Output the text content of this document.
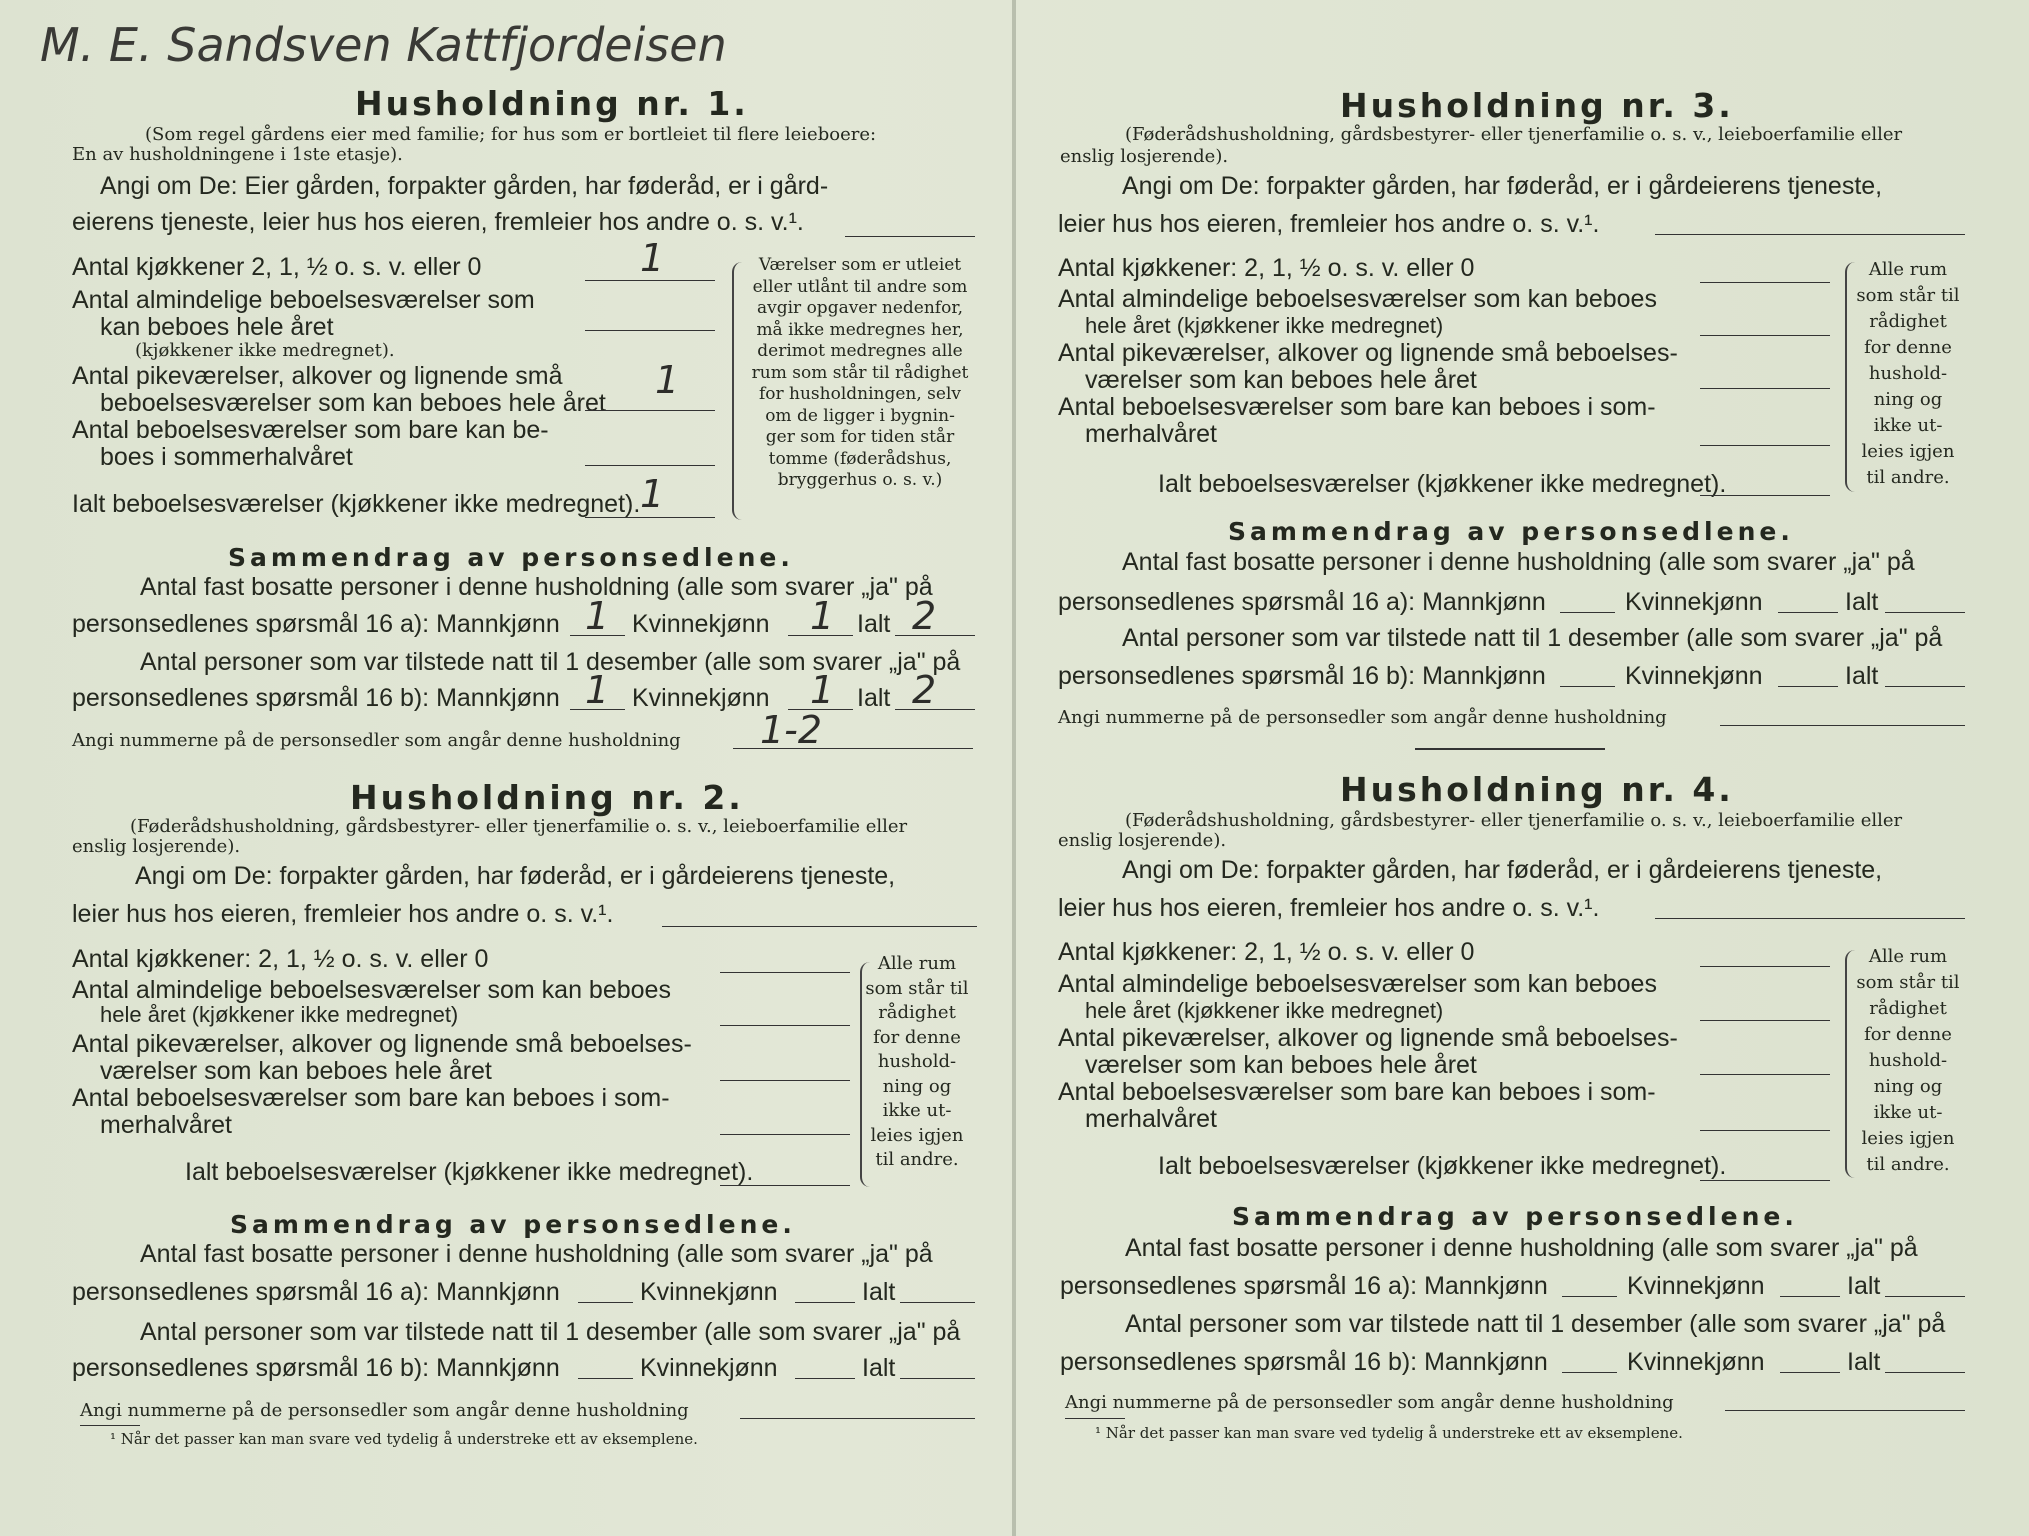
M. E. Sandsven Kattfjordeisen
Husholdning nr. 1.
(Som regel gårdens eier med familie; for hus som er bortleiet til flere leieboere:
En av husholdningene i 1ste etasje).
Angi om De: Eier gården, forpakter gården, har føderåd, er i gård-
eierens tjeneste, leier hus hos eieren, fremleier hos andre o. s. v.¹.
Antal kjøkkener 2, 1, ½ o. s. v. eller 0	1
Antal almindelige beboelsesværelser som
kan beboes hele året
(kjøkkener ikke medregnet).
Antal pikeværelser, alkover og lignende små
beboelsesværelser som kan beboes hele året
1
Antal beboelsesværelser som bare kan be-
boes i sommerhalvåret
Ialt beboelsesværelser (kjøkkener ikke medregnet). 1
Værelser som er utleiet
eller utlånt til andre som
avgir opgaver nedenfor,
må ikke medregnes her,
derimot medregnes alle
rum som står til rådighet
for husholdningen, selv
om de ligger i bygnin-
ger som for tiden står
tomme (føderådshus,
bryggerhus o. s. v.)
Sammendrag av personsedlene.
Antal fast bosatte personer i denne husholdning (alle som svarer „ja" på
personsedlenes spørsmål 16 a): Mannkjønn 1 Kvinnekjønn 1 Ialt 2
Antal personer som var tilstede natt til 1 desember (alle som svarer „ja" på
personsedlenes spørsmål 16 b): Mannkjønn 1 Kvinnekjønn 1 Ialt 2
Angi nummerne på de personsedler som angår denne husholdning 1-2
Husholdning nr. 2.
(Føderådshusholdning, gårdsbestyrer- eller tjenerfamilie o. s. v., leieboerfamilie eller
enslig losjerende).
Angi om De: forpakter gården, har føderåd, er i gårdeierens tjeneste,
leier hus hos eieren, fremleier hos andre o. s. v.¹.
Antal kjøkkener: 2, 1, ½ o. s. v. eller 0
Antal almindelige beboelsesværelser som kan beboes
hele året (kjøkkener ikke medregnet)
Antal pikeværelser, alkover og lignende små beboelses-
værelser som kan beboes hele året
Antal beboelsesværelser som bare kan beboes i som-
merhalvåret
Ialt beboelsesværelser (kjøkkener ikke medregnet).
Alle rum
som står til
rådighet
for denne
hushold-
ning og
ikke ut-
leies igjen
til andre.
Sammendrag av personsedlene.
Antal fast bosatte personer i denne husholdning (alle som svarer „ja" på
personsedlenes spørsmål 16 a): Mannkjønn	Kvinnekjønn	Ialt
Antal personer som var tilstede natt til 1 desember (alle som svarer „ja" på
personsedlenes spørsmål 16 b): Mannkjønn	Kvinnekjønn	Ialt
Angi nummerne på de personsedler som angår denne husholdning
¹ Når det passer kan man svare ved tydelig å understreke ett av eksemplene.
Husholdning nr. 3.
(Føderådshusholdning, gårdsbestyrer- eller tjenerfamilie o. s. v., leieboerfamilie eller
enslig losjerende).
Angi om De: forpakter gården, har føderåd, er i gårdeierens tjeneste,
leier hus hos eieren, fremleier hos andre o. s. v.¹.
Antal kjøkkener: 2, 1, ½ o. s. v. eller 0
Antal almindelige beboelsesværelser som kan beboes
hele året (kjøkkener ikke medregnet)
Antal pikeværelser, alkover og lignende små beboelses-
værelser som kan beboes hele året
Antal beboelsesværelser som bare kan beboes i som-
merhalvåret
Ialt beboelsesværelser (kjøkkener ikke medregnet).
Alle rum
som står til
rådighet
for denne
hushold-
ning og
ikke ut-
leies igjen
til andre.
Sammendrag av personsedlene.
Antal fast bosatte personer i denne husholdning (alle som svarer „ja" på
personsedlenes spørsmål 16 a): Mannkjønn	Kvinnekjønn	Ialt
Antal personer som var tilstede natt til 1 desember (alle som svarer „ja" på
personsedlenes spørsmål 16 b): Mannkjønn	Kvinnekjønn	Ialt
Angi nummerne på de personsedler som angår denne husholdning
Husholdning nr. 4.
(Føderådshusholdning, gårdsbestyrer- eller tjenerfamilie o. s. v., leieboerfamilie eller
enslig losjerende).
Angi om De: forpakter gården, har føderåd, er i gårdeierens tjeneste,
leier hus hos eieren, fremleier hos andre o. s. v.¹.
Antal kjøkkener: 2, 1, ½ o. s. v. eller 0
Antal almindelige beboelsesværelser som kan beboes
hele året (kjøkkener ikke medregnet)
Antal pikeværelser, alkover og lignende små beboelses-
værelser som kan beboes hele året
Antal beboelsesværelser som bare kan beboes i som-
merhalvåret
Ialt beboelsesværelser (kjøkkener ikke medregnet).
Alle rum
som står til
rådighet
for denne
hushold-
ning og
ikke ut-
leies igjen
til andre.
Sammendrag av personsedlene.
Antal fast bosatte personer i denne husholdning (alle som svarer „ja" på
personsedlenes spørsmål 16 a): Mannkjønn	Kvinnekjønn	Ialt
Antal personer som var tilstede natt til 1 desember (alle som svarer „ja" på
personsedlenes spørsmål 16 b): Mannkjønn	Kvinnekjønn	Ialt
Angi nummerne på de personsedler som angår denne husholdning
¹ Når det passer kan man svare ved tydelig å understreke ett av eksemplene.
